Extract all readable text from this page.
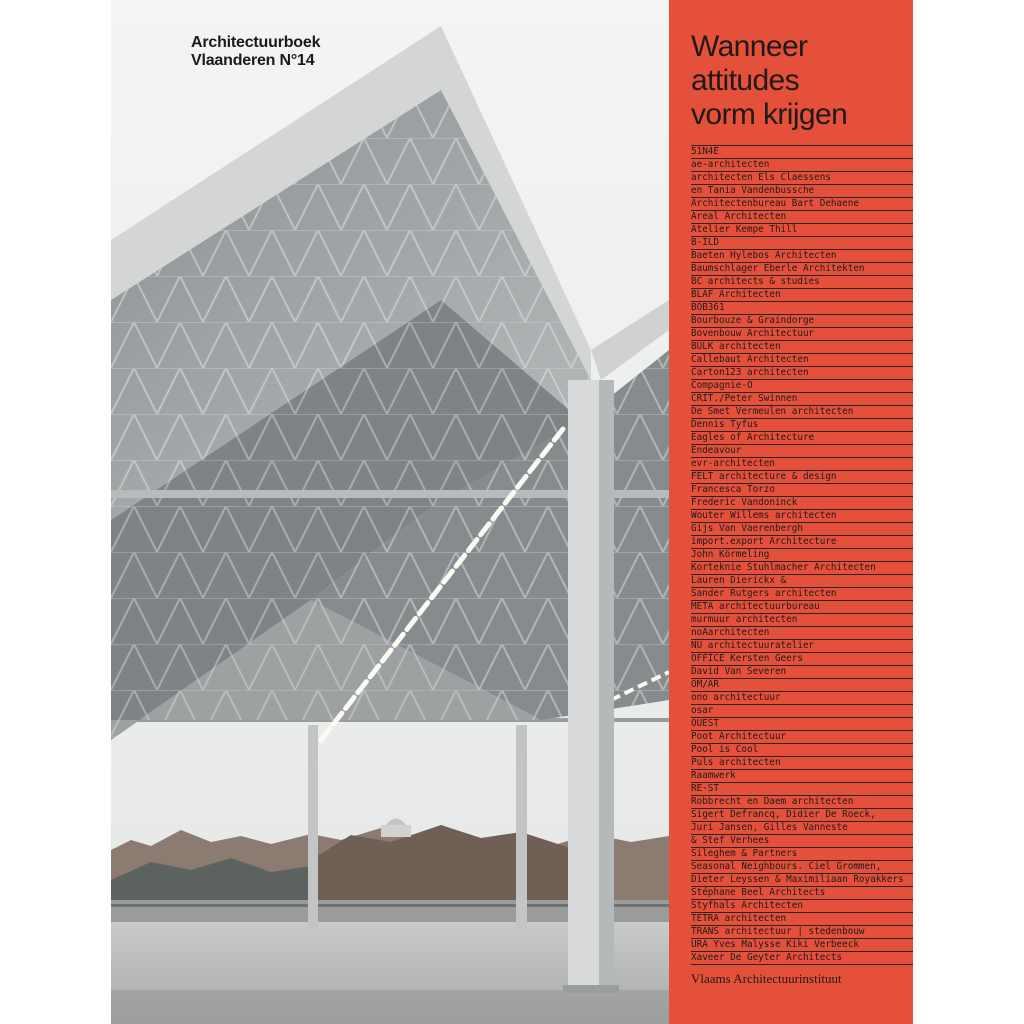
Architectuurboek
Vlaanderen N°14	Wanneer
attitudes
vorm krijgen
51N4E
ae-architecten
architecten Els Claessens
en Tania Vandenbussche
Architectenbureau Bart Dehaene
Areal Architecten
Atelier Kempe Thill
B-ILD
Baeten Hylebos Architecten
Baumschlager Eberle Architekten
BC architects & studies
BLAF Architecten
BOB361
Bourbouze & Graindorge
Bovenbouw Architectuur
BULK architecten
Callebaut Architecten
Carton123 architecten
Compagnie-O
CRIT./Peter Swinnen
De Smet Vermeulen architecten
Dennis Tyfus
Eagles of Architecture
Endeavour
evr-architecten
FELT architecture & design
Francesca Torzo
Frederic Vandoninck
Wouter Willems architecten
Gijs Van Vaerenbergh
import.export Architecture
John Körmeling
Korteknie Stuhlmacher Architecten
Lauren Dierickx &
Sander Rutgers architecten
META architectuurbureau
murmuur architecten
noAarchitecten
NU architectuuratelier
OFFICE Kersten Geers
David Van Severen
OM/AR
ono architectuur
osar
OUEST
Poot Architectuur
Pool is Cool
Puls architecten
Raamwerk
RE-ST
Robbrecht en Daem architecten
Sigert Defrancq, Didier De Roeck,
Juri Jansen, Gilles Vanneste
& Stef Verhees
Sileghem & Partners
Seasonal Neighbours. Ciel Grommen,
Dieter Leyssen & Maximiliaan Royakkers
Stéphane Beel Architects
Styfhals Architecten
TETRA architecten
TRANS architectuur | stedenbouw
URA Yves Malysse Kiki Verbeeck
Xaveer De Geyter Architects

Vlaams Architectuurinstituut
